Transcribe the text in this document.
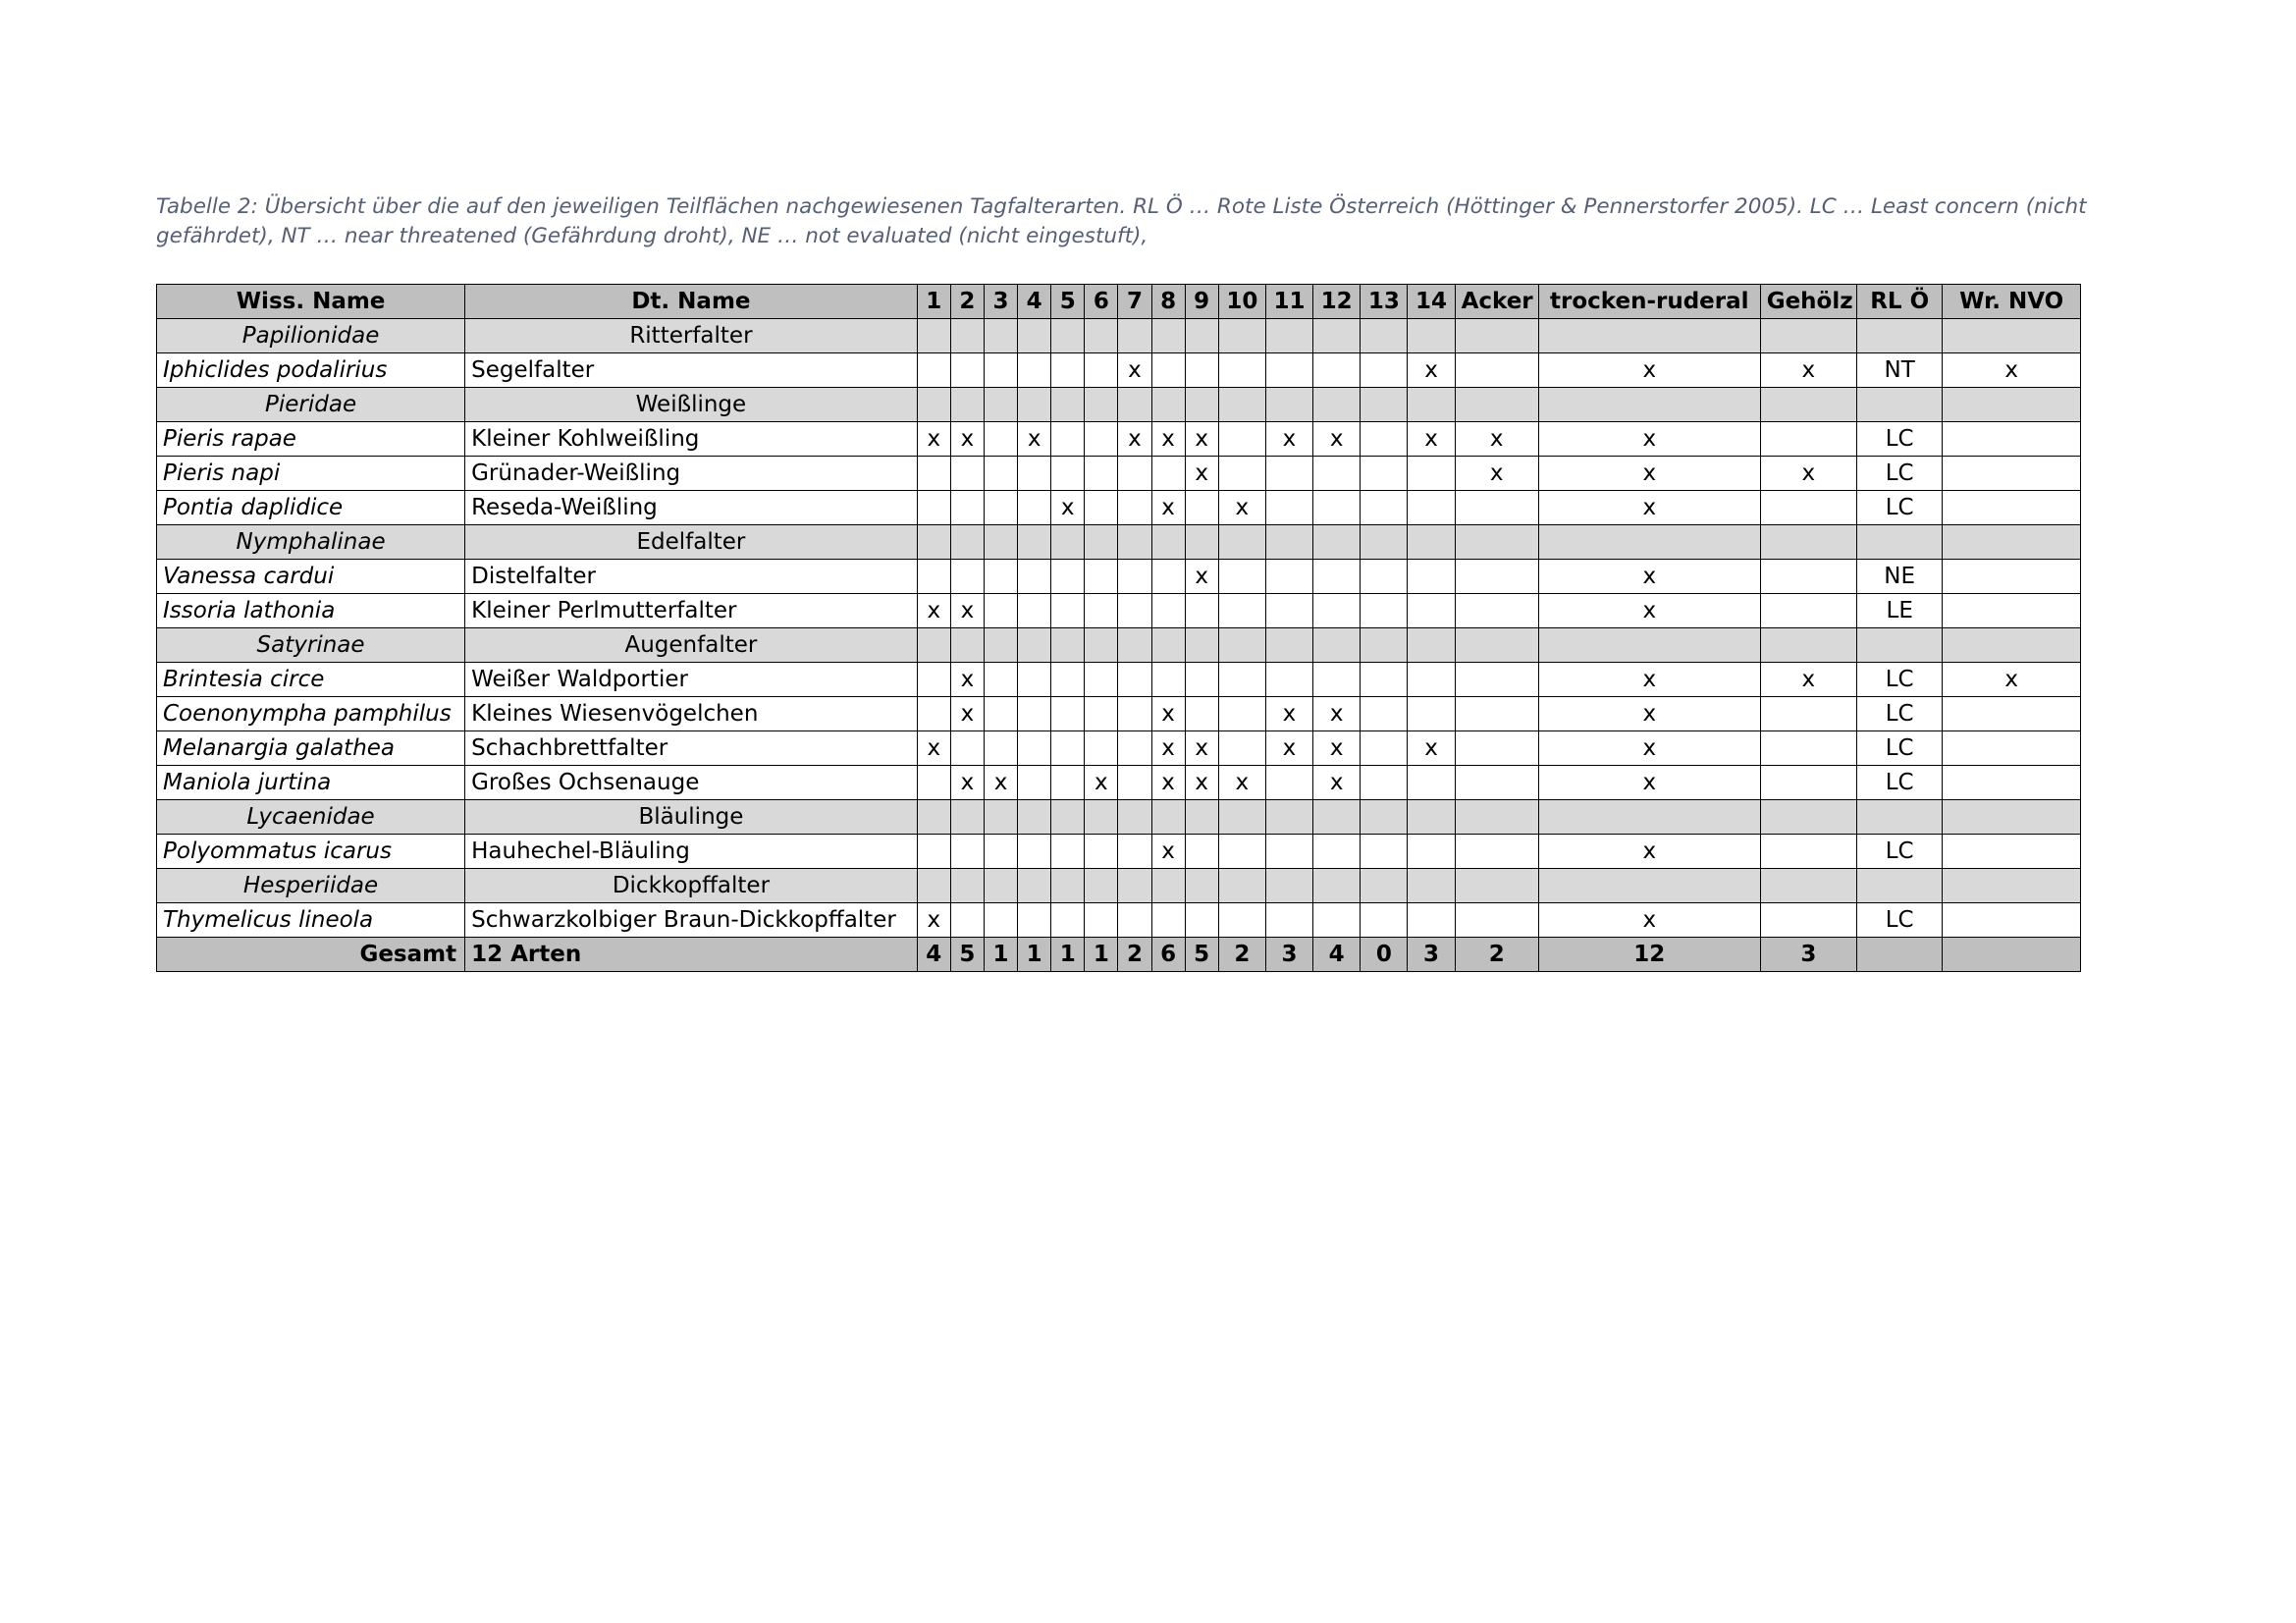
Tabelle 2: Übersicht über die auf den jeweiligen Teilflächen nachgewiesenen Tagfalterarten. RL Ö … Rote Liste Österreich (Höttinger & Pennerstorfer 2005). LC … Least concern (nicht gefährdet), NT … near threatened (Gefährdung droht), NE … not evaluated (nicht eingestuft),
Wiss. Name	Dt. Name	1	2	3	4	5	6	7	8	9	10	11	12	13	14	Acker	trocken-ruderal	Gehölz	RL Ö	Wr. NVO
Papilionidae	Ritterfalter																			
Iphiclides podalirius	Segelfalter							x							x		x	x	NT	x
Pieridae	Weißlinge																			
Pieris rapae	Kleiner Kohlweißling	x	x		x			x	x	x		x	x		x	x	x		LC	
Pieris napi	Grünader-Weißling									x						x	x	x	LC	
Pontia daplidice	Reseda-Weißling					x			x		x						x		LC	
Nymphalinae	Edelfalter																			
Vanessa cardui	Distelfalter									x							x		NE	
Issoria lathonia	Kleiner Perlmutterfalter	x	x														x		LE	
Satyrinae	Augenfalter																			
Brintesia circe	Weißer Waldportier		x														x	x	LC	x
Coenonympha pamphilus	Kleines Wiesenvögelchen		x						x			x	x				x		LC	
Melanargia galathea	Schachbrettfalter	x							x	x		x	x		x		x		LC	
Maniola jurtina	Großes Ochsenauge		x	x			x		x	x	x		x				x		LC	
Lycaenidae	Bläulinge																			
Polyommatus icarus	Hauhechel-Bläuling								x								x		LC	
Hesperiidae	Dickkopffalter																			
Thymelicus lineola	Schwarzkolbiger Braun-Dickkopffalter	x															x		LC	
Gesamt	12 Arten	4	5	1	1	1	1	2	6	5	2	3	4	0	3	2	12	3		
